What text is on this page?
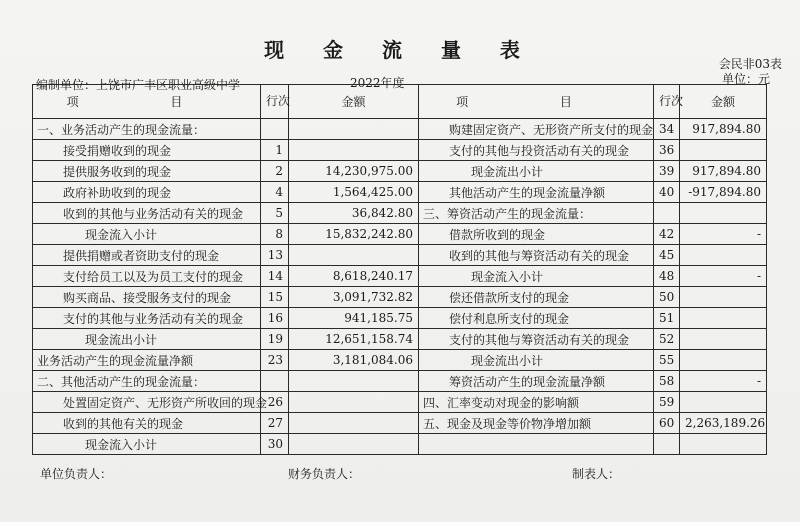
现 金 流 量 表
会民非03表
单位：元
编制单位：上饶市广丰区职业高级中学	2022年度
项 目	行次	金额	项 目	行次	金额
一、业务活动产生的现金流量：			购建固定资产、无形资产所支付的现金	34	917,894.80
接受捐赠收到的现金	1		支付的其他与投资活动有关的现金	36	
提供服务收到的现金	2	14,230,975.00	现金流出小计	39	917,894.80
政府补助收到的现金	4	1,564,425.00	其他活动产生的现金流量净额	40	-917,894.80
收到的其他与业务活动有关的现金	5	36,842.80	三、筹资活动产生的现金流量：		
现金流入小计	8	15,832,242.80	借款所收到的现金	42	-
提供捐赠或者资助支付的现金	13		收到的其他与筹资活动有关的现金	45	
支付给员工以及为员工支付的现金	14	8,618,240.17	现金流入小计	48	-
购买商品、接受服务支付的现金	15	3,091,732.82	偿还借款所支付的现金	50	
支付的其他与业务活动有关的现金	16	941,185.75	偿付利息所支付的现金	51	
现金流出小计	19	12,651,158.74	支付的其他与筹资活动有关的现金	52	
业务活动产生的现金流量净额	23	3,181,084.06	现金流出小计	55	
二、其他活动产生的现金流量：			筹资活动产生的现金流量净额	58	-
处置固定资产、无形资产所收回的现金	26		四、汇率变动对现金的影响额	59	
收到的其他有关的现金	27		五、现金及现金等价物净增加额	60	2,263,189.26
现金流入小计	30				
单位负责人：	财务负责人：	制表人：
